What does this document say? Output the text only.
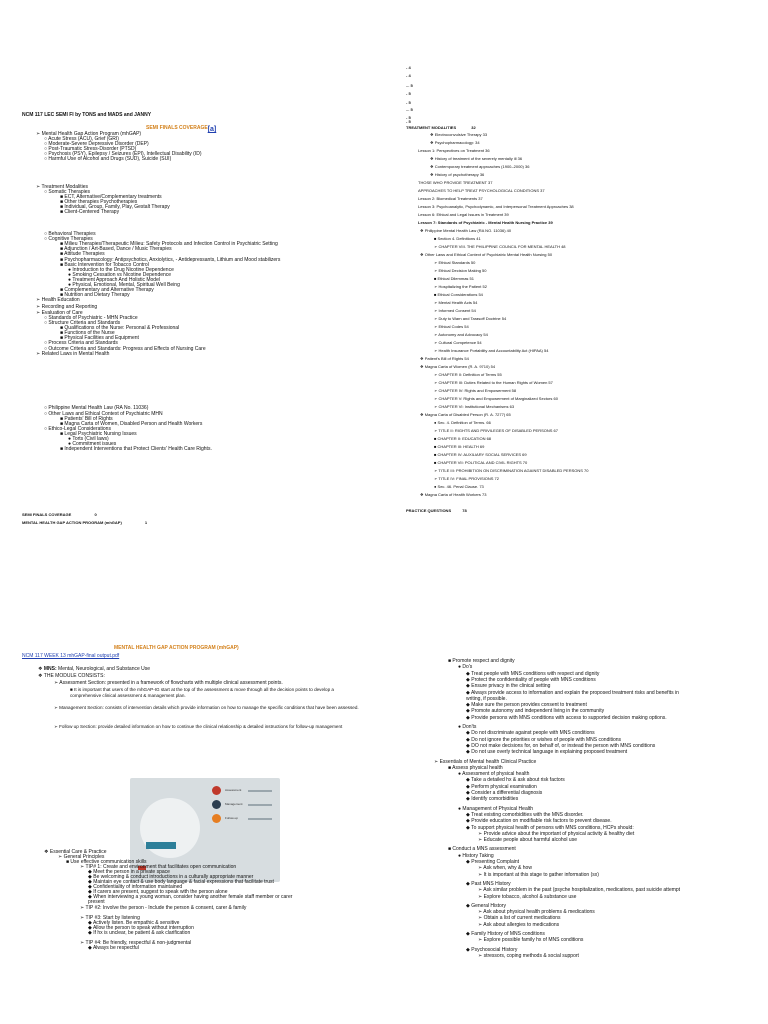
NCM 117 LEC SEMI FI by TONS and MADS and JANNY
SEMI FINALS COVERAGE[a]
➢ Mental Health Gap Action Program (mhGAP)
○ Acute Stress (ACU), Grief (GRI)
○ Moderate-Severe Depressive Disorder (DEP)
○ Post-Traumatic Stress-Disorder (PTSD)
○ Psychosis (PSY), Epilepsy / Seizures (EPI), Intellectual Disability (ID)
○ Harmful Use of Alcohol and Drugs (SUD), Suicide (SUI)
➢ Treatment Modalities
○ Somatic Therapies
■ ECT, Alternative/Complementary treatments
■ Other therapies Psychotherapies
■ Individual, Group, Family, Play, Gestalt Therapy
■ Client-Centered Therapy
○ Behavioral Therapies
○ Cognitive Therapies
■ Milieu Therapies/Therapeutic Milieu: Safety Protocols and Infection Control in Psychiatric Setting
■ Adjunction / Art-Based, Dance / Music Therapies
■ Attitude Therapies
■ Psychopharmacology: Antipsychotics, Anxiolytics, - Antidepressants, Lithium and Mood stabilizers
■ Basic Intervention for Tobacco Control
● Introduction to the Drug Nicotine Dependence
● Smoking Cessation vs Nicotine Dependence
● Treatment Approach And Holistic Model
● Physical, Emotional, Mental, Spiritual Well Being
■ Complementary and Alternative Therapy
■ Nutrition and Dietary Therapy
➢ Health Education
➢ Recording and Reporting
➢ Evaluation of Care
○ Standards of Psychiatric - MHN Practice
○ Structure Criteria and Standards
■ Qualifications of the Nurse: Personal & Professional
■ Functions of the Nurse
■ Physical Facilities and Equipment
○ Process Criteria and Standards
○ Outcome Criteria and Standards: Progress and Effects of Nursing Care
➢ Related Laws in Mental Health
○ Philippine Mental Health Law (RA No. 11036)
○ Other Laws and Ethical Context of Psychiatric MHN
■ Patients' Bill of Rights
■ Magna Carta of Women, Disabled Person and Health Workers
○ Ethico-Legal Considerations
■ Legal Psychiatric Nursing Issues
● Torts (Civil laws)
● Commitment issues
■ Independent Interventions that Protect Clients' Health Care Rights.
SEMI FINALS COVERAGE	0
MENTAL HEALTH GAP ACTION PROGRAM (mhGAP)	1
- 4
- 4
... 5
- 5
- 5
... 5
- 5
- 5
TREATMENT MODALITIES	32
❖ Electroconvulsive Therapy 33
❖ Psychopharmacology: 34
Lesson 1: Perspectives on Treatment 36
❖ History of treatment of the severely mentally ill 36
❖ Contemporary treatment approaches (1900–2000) 36
❖ History of psychotherapy 36
THOSE WHO PROVIDE TREATMENT 37
APPROACHES TO HELP TREAT PSYCHOLOGICAL CONDITIONS 37
Lesson 2: Biomedical Treatments 37
Lesson 3: Psychoanalytic, Psychodynamic, and Interpersonal Treatment Approaches 38
Lesson 6: Ethical and Legal Issues in Treatment 39
Lesson 7: Standards of Psychiatric - Mental Health Nursing Practice 39
❖ Philippine Mental Health Law (RA NO. 11036) 40
■ Section 4. Definitions 41
➢ CHAPTER VIII. THE PHILIPPINE COUNCIL FOR MENTAL HEALTH 48
❖ Other Laws and Ethical Context of Psychiatric Mental Health Nursing 50
➢ Ethical Standards 50
➢ Ethical Decision Making 50
■ Ethical Dilemmas 51
➢ Hospitalizing the Patient 52
■ Ethical Considerations 54
➢ Mental Health Acts 54
➢ Informed Consent 54
➢ Duty to Warn and Tarasoff Doctrine 54
➢ Ethical Codes 54
➢ Autonomy and Advocacy 54
➢ Cultural Competence 54
➢ Health Insurance Portability and Accountability Act (HIPAA) 54
❖ Patient's Bill of Rights 54
❖ Magna Carta of Women (R. A. 9710) 54
➢ CHAPTER II: Definition of Terms 55
➢ CHAPTER III: Duties Related to the Human Rights of Women 57
➢ CHAPTER IV: Rights and Empowerment 58
➢ CHAPTER V: Rights and Empowerment of Marginalized Sectors 60
➢ CHAPTER VI: Institutional Mechanisms 63
❖ Magna Carta of Disabled Person (R. A. 7277) 65
● Sec. 4. Definition of Terms. 66
➢ TITLE II: RIGHTS AND PRIVILEGES OF DISABLED PERSONS 67
■ CHAPTER II: EDUCATION 68
■ CHAPTER III: HEALTH 69
■ CHAPTER IV: AUXILIARY SOCIAL SERVICES 69
■ CHAPTER VII: POLITICAL AND CIVIL RIGHTS 70
➢ TITLE III: PROHIBITION ON DISCRIMINATION AGAINST DISABLED PERSONS 70
➢ TITLE IV: FINAL PROVISIONS 72
● Sec. 46. Penal Clause. 73
❖ Magna Carta of Health Workers 73
PRACTICE QUESTIONS	78
MENTAL HEALTH GAP ACTION PROGRAM (mhGAP)
NCM 117 WEEK 13 mhGAP-final output.pdf
❖ MNS: Mental, Neurological, and Substance Use
❖ THE MODULE CONSISTS:
➢ Assessment Section: presented in a framework of flowcharts with multiple clinical assessment points.
■ It is important that users of the mhGAP-IG start at the top of the assessment & move through all the decision points to develop a comprehensive clinical assessment & management plan.
➢ Management Section: consists of intervention details which provide information on how to manage the specific conditions that have been assessed.
➢ Follow up Section: provide detailed information on how to continue the clinical relationship & detailed instructions for follow-up management
Assessment
Management
Follow-up
❖ Essential Care & Practice
➢ General Principles
■ Use effective communication skills
➢ TIP# 1: Create and environment that facilitates open communication
◆ Meet the person in a private space
◆ Be welcoming & conduct introductions in a culturally appropriate manner
◆ Maintain eye contact & use body language & facial expressions that facilitate trust
◆ Confidentiality of information maintained
◆ If carers are present, suggest to speak with the person alone
◆ When interviewing a young woman, consider having another female staff member or carer
present
➢ TIP #2: Involve the person - Include the person & consent, carer & family
➢ TIP #3: Start by listening
◆ Actively listen. Be empathic & sensitive
◆ Allow the person to speak without interruption
◆ If hx is unclear, be patient & ask clarification
➢ TIP #4: Be friendly, respectful & non-judgmental
◆ Always be respectful
■ Promote respect and dignity
● Do's
◆ Treat people with MNS conditions with respect and dignity
◆ Protect the confidentiality of people with MNS conditions
◆ Ensure privacy in the clinical setting
◆ Always provide access to information and explain the proposed treatment risks and benefits in
writing, if possible.
◆ Make sure the person provides consent to treatment
◆ Promote autonomy and independent living in the community
◆ Provide persons with MNS conditions with access to supported decision making options.
● Don'ts
◆ Do not discriminate against people with MNS conditions
◆ Do not ignore the priorities or wishes of people with MNS conditions
◆ DO not make decisions for, on behalf of, or instead the person with MNS conditions
◆ Do not use overly technical language in explaining proposed treatment
➢ Essentials of Mental health Clinical Practice
■ Assess physical health
● Assessment of physical health
◆ Take a detailed hx & ask about risk factors
◆ Perform physical examination
◆ Consider a differential diagnosis
◆ Identify comorbidities
● Management of Physical Health
◆ Treat existing comorbidities with the MNS disorder.
◆ Provide education on modifiable risk factors to prevent disease.
◆ To support physical health of persons with MNS conditions, HCPs should:
➢ Provide advice about the important of physical activity & healthy diet
➢ Educate people about harmful alcohol use
■ Conduct a MNS assessment
● History Taking
◆ Presenting Complaint
➢ Ask when, why & how
➢ It is important at this stage to gather information (sx)
◆ Past MNS History
➢ Ask similar problem in the past (psyche hospitalization, medications, past suicide attempt
➢ Explore tobacco, alcohol & substance use
◆ General History
➢ Ask about physical health problems & medications
➢ Obtain a list of current medications
➢ Ask about allergies to medications
◆ Family History of MNS conditions
➢ Explore possible family hx of MNS conditions
◆ Psychosocial History
➢ stressors, coping methods & social support
